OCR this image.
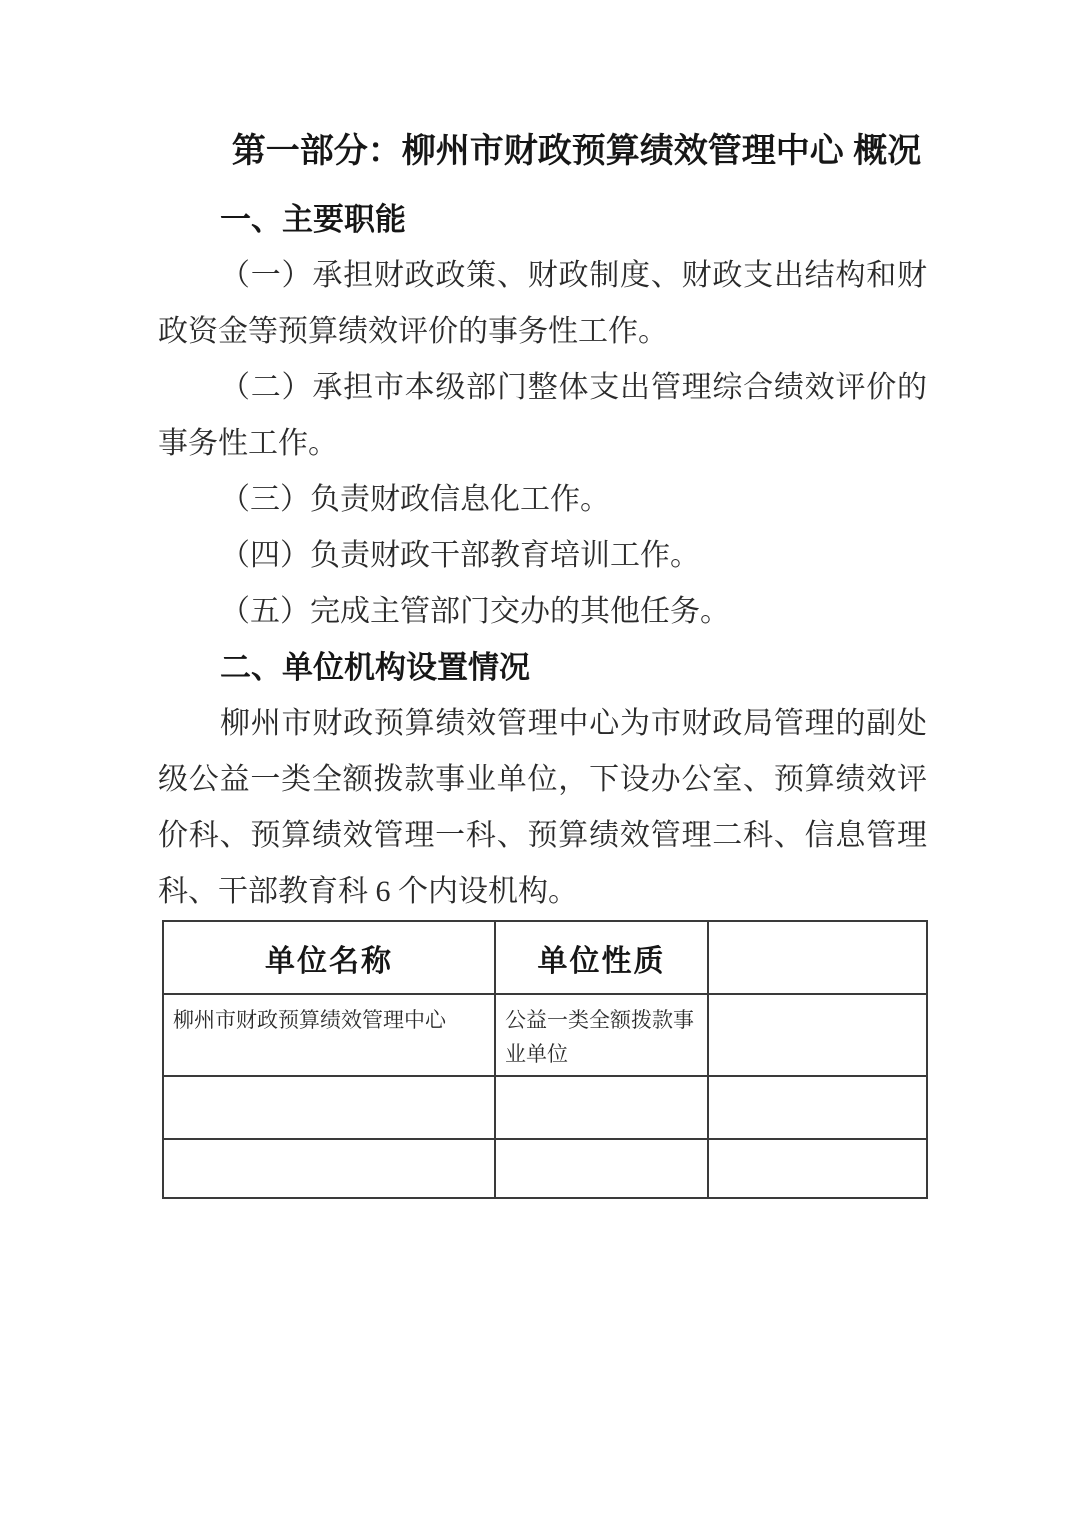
第一部分：柳州市财政预算绩效管理中心 概况
一、主要职能

（一）承担财政政策、财政制度、财政支出结构和财政资金等预算绩效评价的事务性工作。

（二）承担市本级部门整体支出管理综合绩效评价的事务性工作。

（三）负责财政信息化工作。

（四）负责财政干部教育培训工作。

（五）完成主管部门交办的其他任务。

二、单位机构设置情况

柳州市财政预算绩效管理中心为市财政局管理的副处级公益一类全额拨款事业单位，下设办公室、预算绩效评价科、预算绩效管理一科、预算绩效管理二科、信息管理科、干部教育科 6 个内设机构。

单位名称	单位性质	
柳州市财政预算绩效管理中心	公益一类全额拨款事业单位	
